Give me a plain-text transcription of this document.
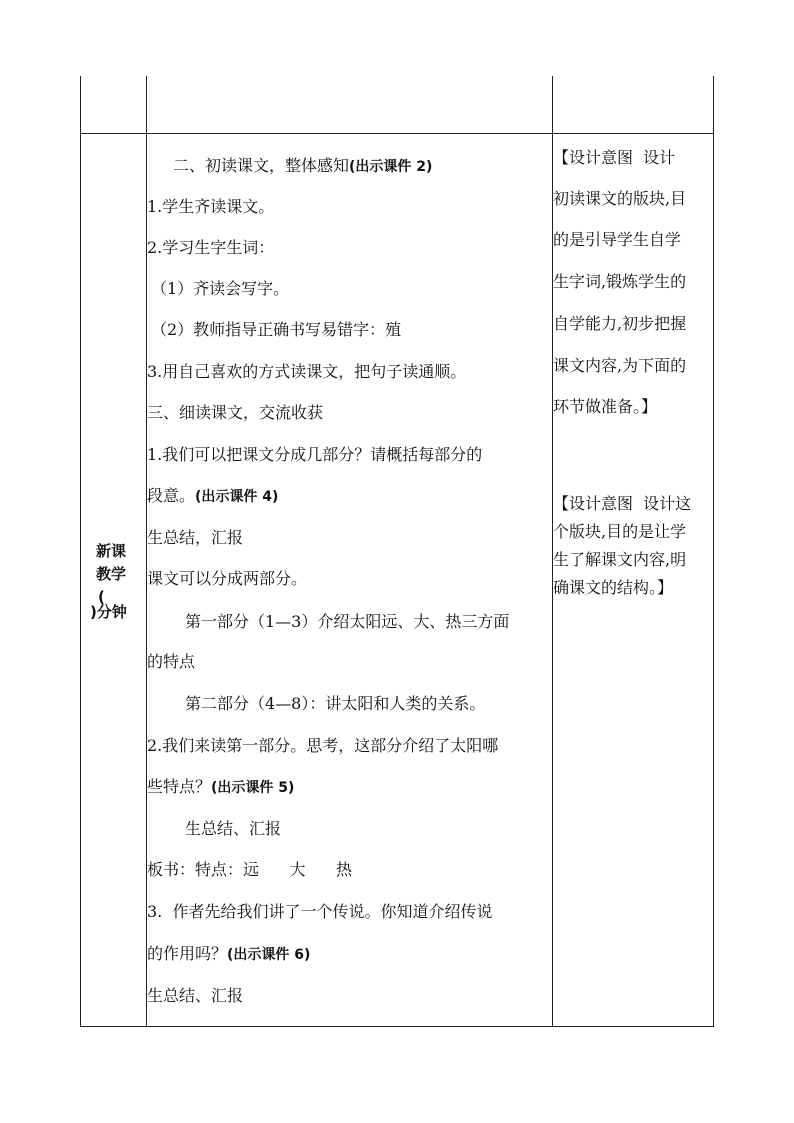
新课
教学
(
)分钟
二、初读课文，整体感知(出示课件 2)
1.学生齐读课文。
2.学习生字生词：
（1）齐读会写字。
（2）教师指导正确书写易错字：殖
3.用自己喜欢的方式读课文，把句子读通顺。
三、细读课文，交流收获
1.我们可以把课文分成几部分？请概括每部分的
段意。(出示课件 4)
生总结，汇报
课文可以分成两部分。
第一部分（1—3）介绍太阳远、大、热三方面
的特点
第二部分（4—8）：讲太阳和人类的关系。
2.我们来读第一部分。思考，这部分介绍了太阳哪
些特点？(出示课件 5)
生总结、汇报
板书：特点：远      大      热
3.  作者先给我们讲了一个传说。你知道介绍传说
的作用吗？(出示课件 6)
生总结、汇报
【设计意图  设计
初读课文的版块,目
的是引导学生自学
生字词,锻炼学生的
自学能力,初步把握
课文内容,为下面的
环节做准备。】
【设计意图  设计这
个版块,目的是让学
生了解课文内容,明
确课文的结构。】
